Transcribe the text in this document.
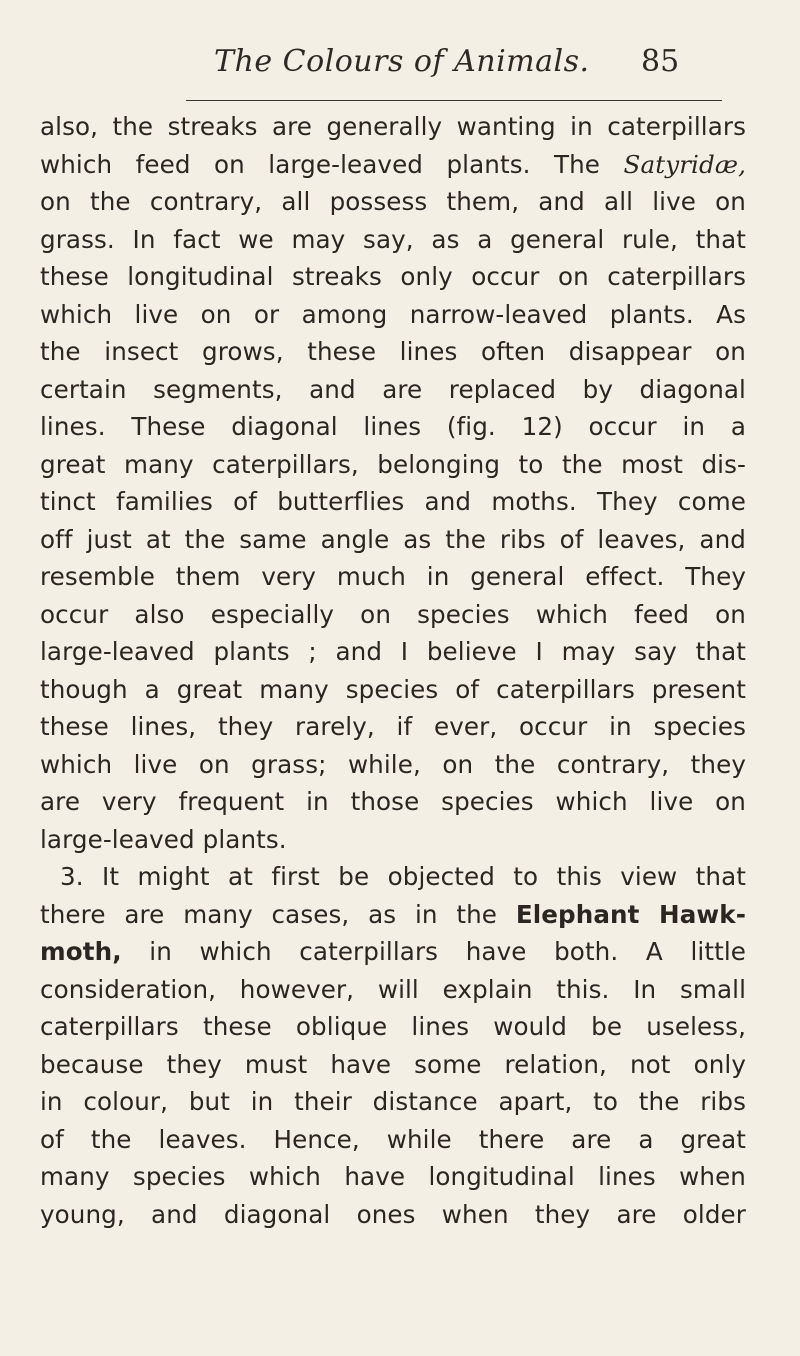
The Colours of Animals. 85
also, the streaks are generally wanting in caterpillars
which feed on large-leaved plants. The Satyridæ,
on the contrary, all possess them, and all live on
grass. In fact we may say, as a general rule, that
these longitudinal streaks only occur on caterpillars
which live on or among narrow-leaved plants. As
the insect grows, these lines often disappear on
certain segments, and are replaced by diagonal
lines. These diagonal lines (fig. 12) occur in a
great many caterpillars, belonging to the most dis-
tinct families of butterflies and moths. They come
off just at the same angle as the ribs of leaves, and
resemble them very much in general effect. They
occur also especially on species which feed on
large-leaved plants ; and I believe I may say that
though a great many species of caterpillars present
these lines, they rarely, if ever, occur in species
which live on grass; while, on the contrary, they
are very frequent in those species which live on
large-leaved plants.
3. It might at first be objected to this view that
there are many cases, as in the Elephant Hawk-
moth, in which caterpillars have both. A little
consideration, however, will explain this. In small
caterpillars these oblique lines would be useless,
because they must have some relation, not only
in colour, but in their distance apart, to the ribs
of the leaves. Hence, while there are a great
many species which have longitudinal lines when
young, and diagonal ones when they are older
